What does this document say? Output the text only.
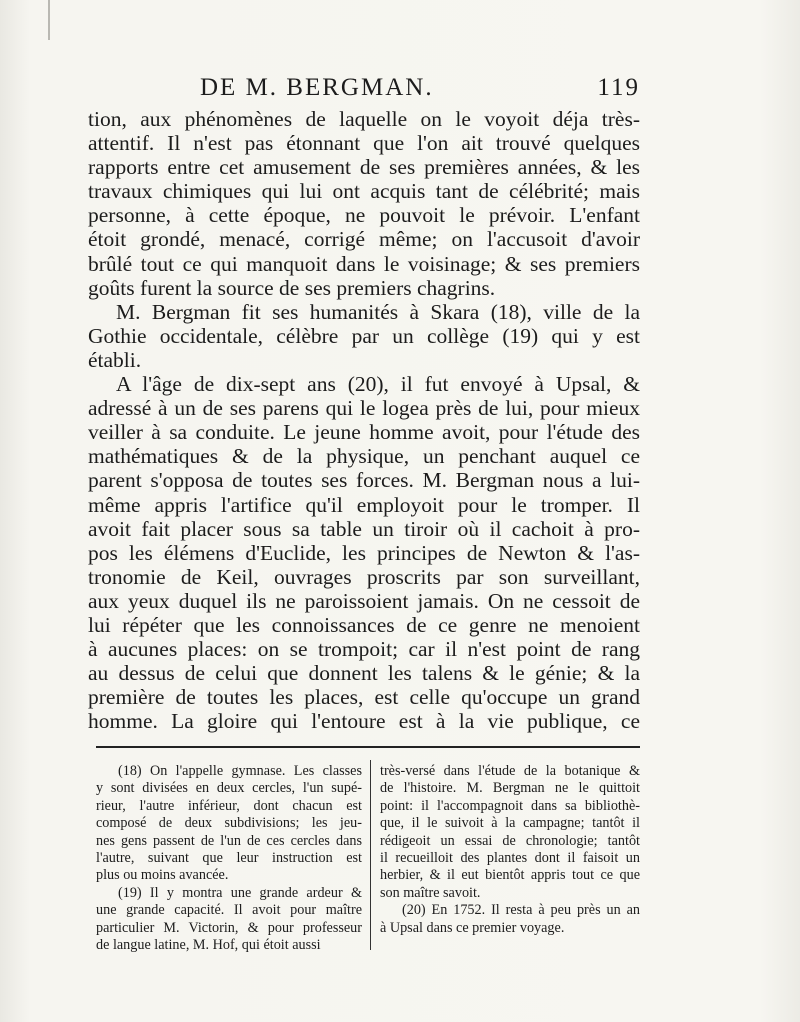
DE M. BERGMAN.	119
tion, aux phénomènes de laquelle on le voyoit déja très-
attentif. Il n'est pas étonnant que l'on ait trouvé quelques
rapports entre cet amusement de ses premières années, & les
travaux chimiques qui lui ont acquis tant de célébrité; mais
personne, à cette époque, ne pouvoit le prévoir. L'enfant
étoit grondé, menacé, corrigé même; on l'accusoit d'avoir
brûlé tout ce qui manquoit dans le voisinage; & ses premiers
goûts furent la source de ses premiers chagrins.
M. Bergman fit ses humanités à Skara (18), ville de la
Gothie occidentale, célèbre par un collège (19) qui y est
établi.
A l'âge de dix-sept ans (20), il fut envoyé à Upsal, &
adressé à un de ses parens qui le logea près de lui, pour mieux
veiller à sa conduite. Le jeune homme avoit, pour l'étude des
mathématiques & de la physique, un penchant auquel ce
parent s'opposa de toutes ses forces. M. Bergman nous a lui-
même appris l'artifice qu'il employoit pour le tromper. Il
avoit fait placer sous sa table un tiroir où il cachoit à pro-
pos les élémens d'Euclide, les principes de Newton & l'as-
tronomie de Keil, ouvrages proscrits par son surveillant,
aux yeux duquel ils ne paroissoient jamais. On ne cessoit de
lui répéter que les connoissances de ce genre ne menoient
à aucunes places: on se trompoit; car il n'est point de rang
au dessus de celui que donnent les talens & le génie; & la
première de toutes les places, est celle qu'occupe un grand
homme. La gloire qui l'entoure est à la vie publique, ce
(18) On l'appelle gymnase. Les classes
y sont divisées en deux cercles, l'un supé-
rieur, l'autre inférieur, dont chacun est
composé de deux subdivisions; les jeu-
nes gens passent de l'un de ces cercles dans
l'autre, suivant que leur instruction est
plus ou moins avancée.
(19) Il y montra une grande ardeur &
une grande capacité. Il avoit pour maître
particulier M. Victorin, & pour professeur
de langue latine, M. Hof, qui étoit aussi
très-versé dans l'étude de la botanique &
de l'histoire. M. Bergman ne le quittoit
point: il l'accompagnoit dans sa bibliothè-
que, il le suivoit à la campagne; tantôt il
rédigeoit un essai de chronologie; tantôt
il recueilloit des plantes dont il faisoit un
herbier, & il eut bientôt appris tout ce que
son maître savoit.
(20) En 1752. Il resta à peu près un an
à Upsal dans ce premier voyage.
